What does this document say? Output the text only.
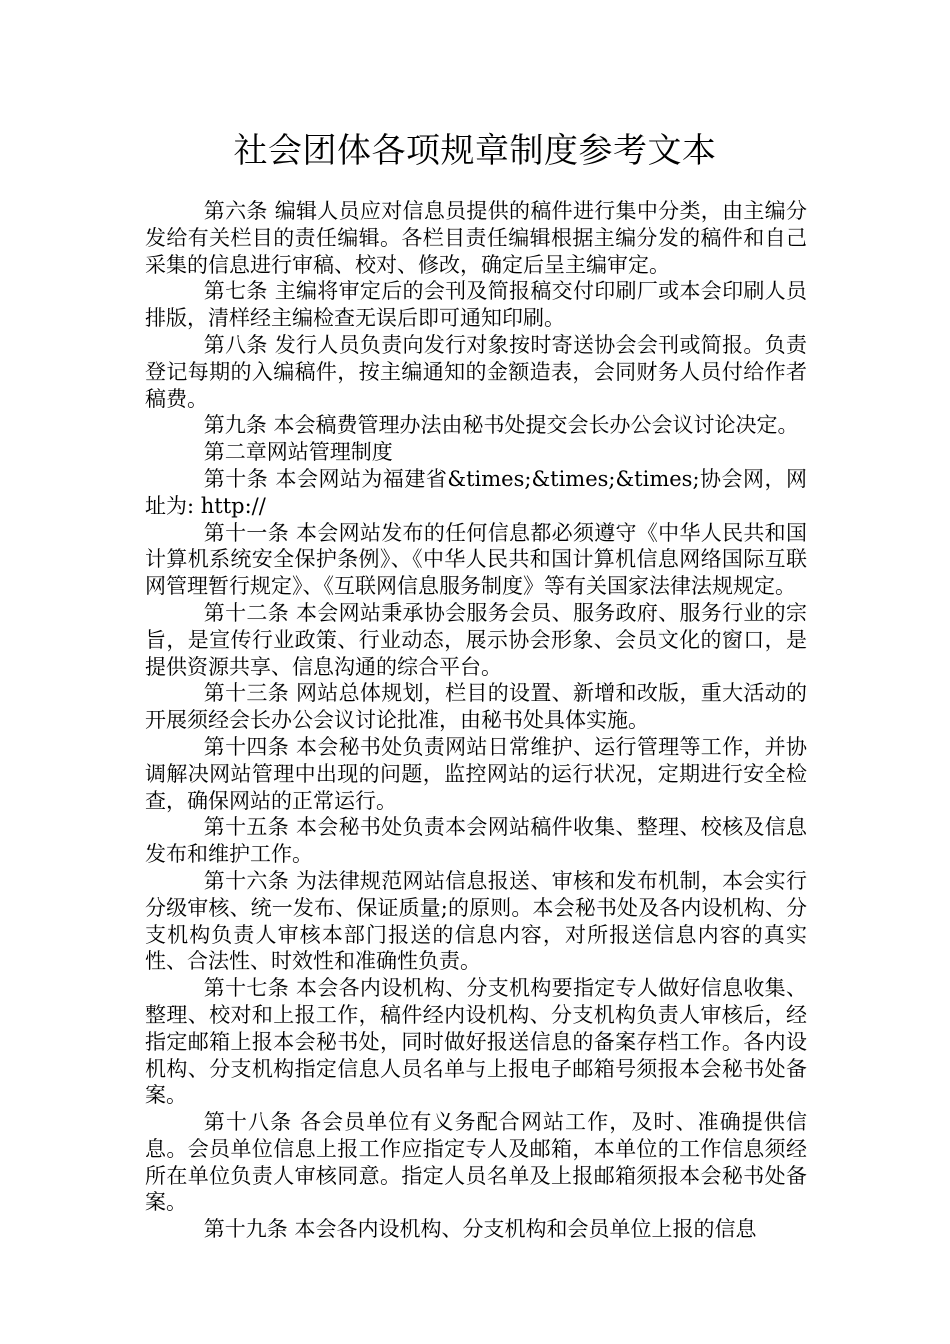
社会团体各项规章制度参考文本

第六条 编辑人员应对信息员提供的稿件进行集中分类，由主编分发给有关栏目的责任编辑。各栏目责任编辑根据主编分发的稿件和自己采集的信息进行审稿、校对、修改，确定后呈主编审定。

第七条 主编将审定后的会刊及简报稿交付印刷厂或本会印刷人员排版，清样经主编检查无误后即可通知印刷。

第八条 发行人员负责向发行对象按时寄送协会会刊或简报。负责登记每期的入编稿件，按主编通知的金额造表，会同财务人员付给作者稿费。

第九条 本会稿费管理办法由秘书处提交会长办公会议讨论决定。

第二章网站管理制度

第十条 本会网站为福建省&times;&times;&times;协会网，网址为: http://

第十一条 本会网站发布的任何信息都必须遵守《中华人民共和国计算机系统安全保护条例》、《中华人民共和国计算机信息网络国际互联网管理暂行规定》、《互联网信息服务制度》等有关国家法律法规规定。

第十二条 本会网站秉承协会服务会员、服务政府、服务行业的宗旨，是宣传行业政策、行业动态，展示协会形象、会员文化的窗口，是提供资源共享、信息沟通的综合平台。

第十三条 网站总体规划，栏目的设置、新增和改版，重大活动的开展须经会长办公会议讨论批准，由秘书处具体实施。

第十四条 本会秘书处负责网站日常维护、运行管理等工作，并协调解决网站管理中出现的问题，监控网站的运行状况，定期进行安全检查，确保网站的正常运行。

第十五条 本会秘书处负责本会网站稿件收集、整理、校核及信息发布和维护工作。

第十六条 为法律规范网站信息报送、审核和发布机制，本会实行 分级审核、统一发布、保证质量;的原则。本会秘书处及各内设机构、分支机构负责人审核本部门报送的信息内容，对所报送信息内容的真实性、合法性、时效性和准确性负责。

第十七条 本会各内设机构、分支机构要指定专人做好信息收集、整理、校对和上报工作，稿件经内设机构、分支机构负责人审核后，经指定邮箱上报本会秘书处，同时做好报送信息的备案存档工作。各内设机构、分支机构指定信息人员名单与上报电子邮箱号须报本会秘书处备案。

第十八条 各会员单位有义务配合网站工作，及时、准确提供信息。会员单位信息上报工作应指定专人及邮箱，本单位的工作信息须经所在单位负责人审核同意。指定人员名单及上报邮箱须报本会秘书处备案。

第十九条 本会各内设机构、分支机构和会员单位上报的信息
